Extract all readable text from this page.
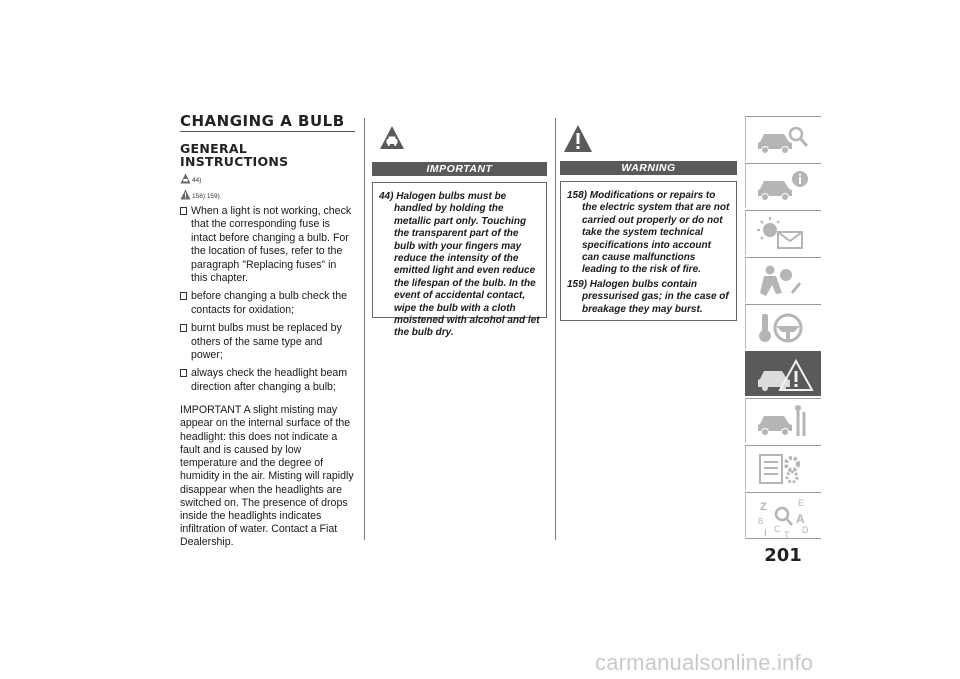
CHANGING A BULB
GENERAL INSTRUCTIONS
44)
158) 159)
When a light is not working, check that the corresponding fuse is intact before changing a bulb. For the location of fuses, refer to the paragraph "Replacing fuses" in this chapter.
before changing a bulb check the contacts for oxidation;
burnt bulbs must be replaced by others of the same type and power;
always check the headlight beam direction after changing a bulb;
IMPORTANT A slight misting may appear on the internal surface of the headlight: this does not indicate a fault and is caused by low temperature and the degree of humidity in the air. Misting will rapidly disappear when the headlights are switched on. The presence of drops inside the headlights indicates infiltration of water. Contact a Fiat Dealership.
IMPORTANT
44) Halogen bulbs must be handled by holding the metallic part only. Touching the transparent part of the bulb with your fingers may reduce the intensity of the emitted light and even reduce the lifespan of the bulb. In the event of accidental contact, wipe the bulb with a cloth moistened with alcohol and let the bulb dry.
WARNING
158) Modifications or repairs to the electric system that are not carried out properly or do not take the system technical specifications into account can cause malfunctions leading to the risk of fire.
159) Halogen bulbs contain pressurised gas; in the case of breakage they may burst.
Z	E
B	A
I C
T D
201
carmanualsonline.info
